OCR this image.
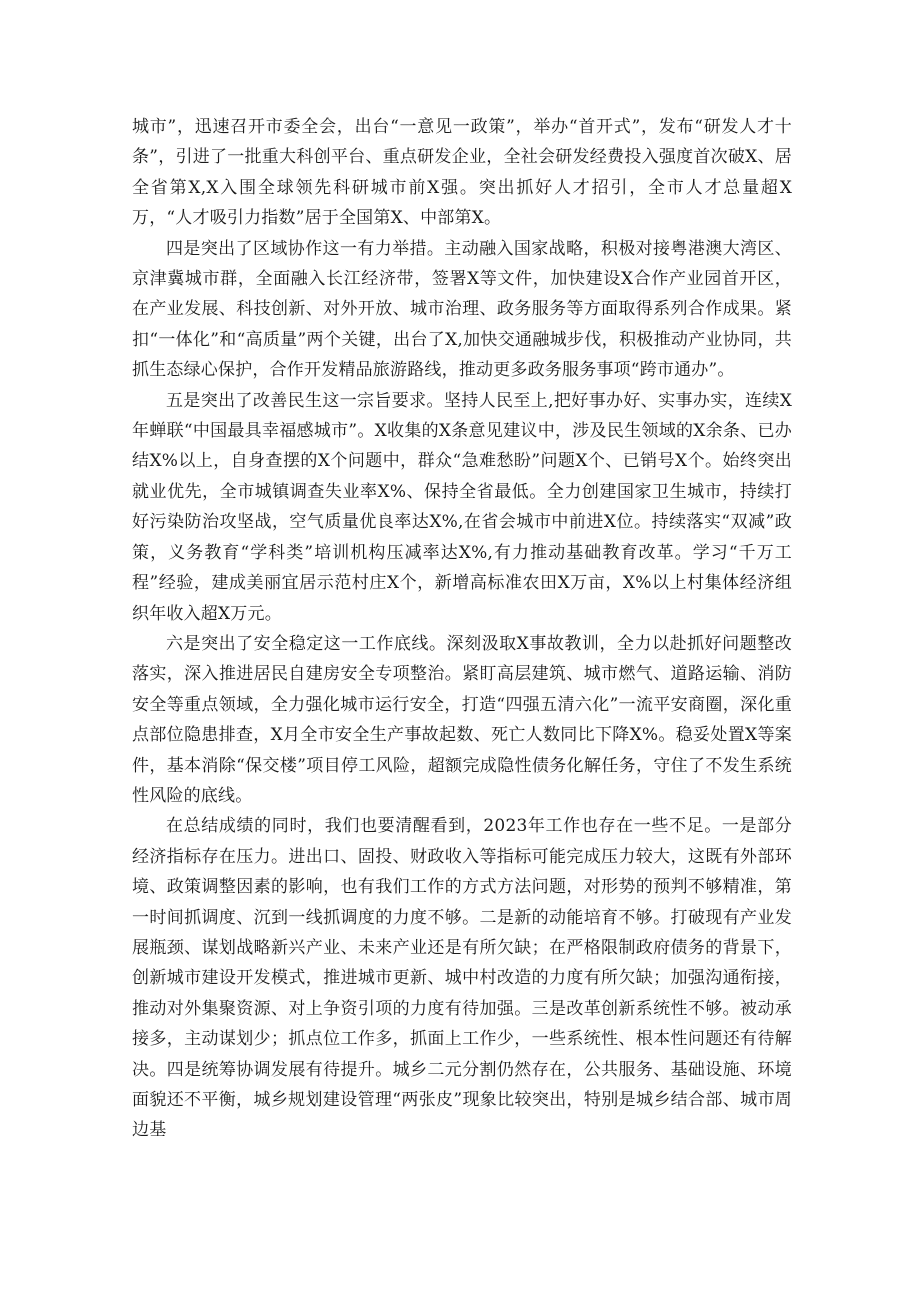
城市”，迅速召开市委全会，出台“一意见一政策”，举办“首开式”，发布“研发人才十条”，引进了一批重大科创平台、重点研发企业，全社会研发经费投入强度首次破X、居全省第X,X入围全球领先科研城市前X强。突出抓好人才招引，全市人才总量超X万，“人才吸引力指数”居于全国第X、中部第X。

四是突出了区域协作这一有力举措。主动融入国家战略，积极对接粤港澳大湾区、京津冀城市群，全面融入长江经济带，签署X等文件，加快建设X合作产业园首开区，在产业发展、科技创新、对外开放、城市治理、政务服务等方面取得系列合作成果。紧扣“一体化”和“高质量”两个关键，出台了X,加快交通融城步伐，积极推动产业协同，共抓生态绿心保护，合作开发精品旅游路线，推动更多政务服务事项“跨市通办”。

五是突出了改善民生这一宗旨要求。坚持人民至上,把好事办好、实事办实，连续X年蝉联“中国最具幸福感城市”。X收集的X条意见建议中，涉及民生领域的X余条、已办结X%以上，自身查摆的X个问题中，群众“急难愁盼”问题X个、已销号X个。始终突出就业优先，全市城镇调查失业率X%、保持全省最低。全力创建国家卫生城市，持续打好污染防治攻坚战，空气质量优良率达X%,在省会城市中前进X位。持续落实“双减”政策，义务教育“学科类”培训机构压减率达X%,有力推动基础教育改革。学习“千万工程”经验，建成美丽宜居示范村庄X个，新增高标准农田X万亩，X%以上村集体经济组织年收入超X万元。

六是突出了安全稳定这一工作底线。深刻汲取X事故教训，全力以赴抓好问题整改落实，深入推进居民自建房安全专项整治。紧盯高层建筑、城市燃气、道路运输、消防安全等重点领域，全力强化城市运行安全，打造“四强五清六化”一流平安商圈，深化重点部位隐患排查，X月全市安全生产事故起数、死亡人数同比下降X%。稳妥处置X等案件，基本消除“保交楼”项目停工风险，超额完成隐性债务化解任务，守住了不发生系统性风险的底线。

在总结成绩的同时，我们也要清醒看到，2023年工作也存在一些不足。一是部分经济指标存在压力。进出口、固投、财政收入等指标可能完成压力较大，这既有外部环境、政策调整因素的影响，也有我们工作的方式方法问题，对形势的预判不够精准，第一时间抓调度、沉到一线抓调度的力度不够。二是新的动能培育不够。打破现有产业发展瓶颈、谋划战略新兴产业、未来产业还是有所欠缺；在严格限制政府债务的背景下，创新城市建设开发模式，推进城市更新、城中村改造的力度有所欠缺；加强沟通衔接，推动对外集聚资源、对上争资引项的力度有待加强。三是改革创新系统性不够。被动承接多，主动谋划少；抓点位工作多，抓面上工作少，一些系统性、根本性问题还有待解决。四是统筹协调发展有待提升。城乡二元分割仍然存在，公共服务、基础设施、环境面貌还不平衡，城乡规划建设管理“两张皮”现象比较突出，特别是城乡结合部、城市周边基
